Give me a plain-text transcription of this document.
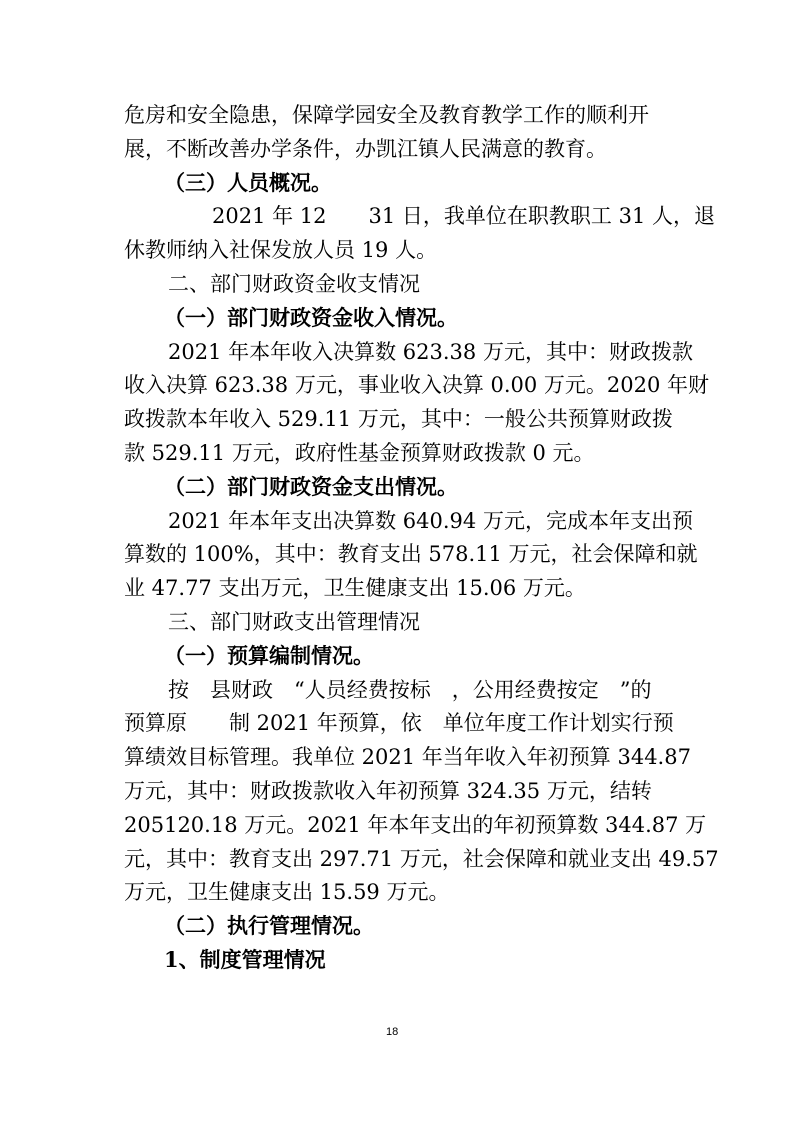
危房和安全隐患，保障学园安全及教育教学工作的顺利开
展，不断改善办学条件，办凯江镇人民满意的教育。
（三）人员概况。
2021 年 12　　31 日，我单位在职教职工 31 人，退
休教师纳入社保发放人员 19 人。
二、部门财政资金收支情况
（一）部门财政资金收入情况。
2021 年本年收入决算数 623.38 万元，其中：财政拨款
收入决算 623.38 万元，事业收入决算 0.00 万元。2020 年财
政拨款本年收入 529.11 万元，其中：一般公共预算财政拨
款 529.11 万元，政府性基金预算财政拨款 0 元。
（二）部门财政资金支出情况。
2021 年本年支出决算数 640.94 万元，完成本年支出预
算数的 100%，其中：教育支出 578.11 万元，社会保障和就
业 47.77 支出万元，卫生健康支出 15.06 万元。
三、部门财政支出管理情况
（一）预算编制情况。
按　县财政　“人员经费按标　，公用经费按定　”的
预算原　　制 2021 年预算，依　单位年度工作计划实行预
算绩效目标管理。我单位 2021 年当年收入年初预算 344.87
万元，其中：财政拨款收入年初预算 324.35 万元，结转
205120.18 万元。2021 年本年支出的年初预算数 344.87 万
元，其中：教育支出 297.71 万元，社会保障和就业支出 49.57
万元，卫生健康支出 15.59 万元。
（二）执行管理情况。
1、制度管理情况
18
